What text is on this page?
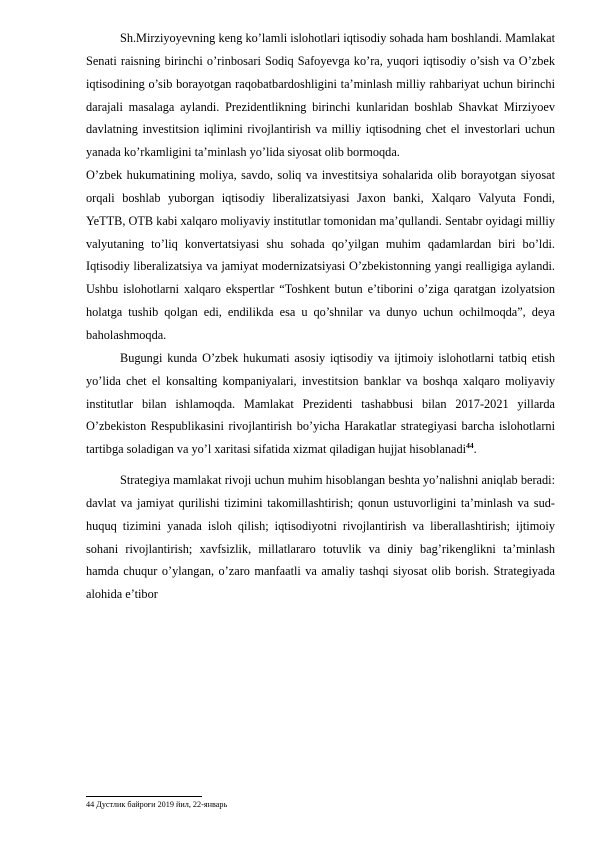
Sh.Mirziyoyevning keng ko’lamli islohotlari iqtisodiy sohada ham boshlandi. Mamlakat Senati raisning birinchi o’rinbosari Sodiq Safoyevga ko’ra, yuqori iqtisodiy o’sish va O’zbek iqtisodining o’sib borayotgan raqobatbardoshligini ta’minlash milliy rahbariyat uchun birinchi darajali masalaga aylandi. Prezidentlikning birinchi kunlaridan boshlab Shavkat Mirziyoev davlatning investitsion iqlimini rivojlantirish va milliy iqtisodning chet el investorlari uchun yanada ko’rkamligini ta’minlash yo’lida siyosat olib bormoqda.

O’zbek hukumatining moliya, savdo, soliq va investitsiya sohalarida olib borayotgan siyosat orqali boshlab yuborgan iqtisodiy liberalizatsiyasi Jaxon banki, Xalqaro Valyuta Fondi, YeTTB, OTB kabi xalqaro moliyaviy institutlar tomonidan ma’qullandi. Sentabr oyidagi milliy valyutaning to’liq konvertatsiyasi shu sohada qo’yilgan muhim qadamlardan biri bo’ldi. Iqtisodiy liberalizatsiya va jamiyat modernizatsiyasi O’zbekistonning yangi realligiga aylandi. Ushbu islohotlarni xalqaro ekspertlar “Toshkent butun e’tiborini o’ziga qaratgan izolyatsion holatga tushib qolgan edi, endilikda esa u qo’shnilar va dunyo uchun ochilmoqda”, deya baholashmoqda.

Bugungi kunda O’zbek hukumati asosiy iqtisodiy va ijtimoiy islohotlarni tatbiq etish yo’lida chet el konsalting kompaniyalari, investitsion banklar va boshqa xalqaro moliyaviy institutlar bilan ishlamoqda. Mamlakat Prezidenti tashabbusi bilan 2017-2021 yillarda O’zbekiston Respublikasini rivojlantirish bo’yicha Harakatlar strategiyasi barcha islohotlarni tartibga soladigan va yo’l xaritasi sifatida xizmat qiladigan hujjat hisoblanadi$^{44}$.

Strategiya mamlakat rivoji uchun muhim hisoblangan beshta yo’nalishni aniqlab beradi: davlat va jamiyat qurilishi tizimini takomillashtirish; qonun ustuvorligini ta’minlash va sud-huquq tizimini yanada isloh qilish; iqtisodiyotni rivojlantirish va liberallashtirish; ijtimoiy sohani rivojlantirish; xavfsizlik, millatlararo totuvlik va diniy bag’rikenglikni ta’minlash hamda chuqur o’ylangan, o’zaro manfaatli va amaliy tashqi siyosat olib borish. Strategiyada alohida e’tibor

44 Дустлик байроғи 2019 йил, 22-январь
